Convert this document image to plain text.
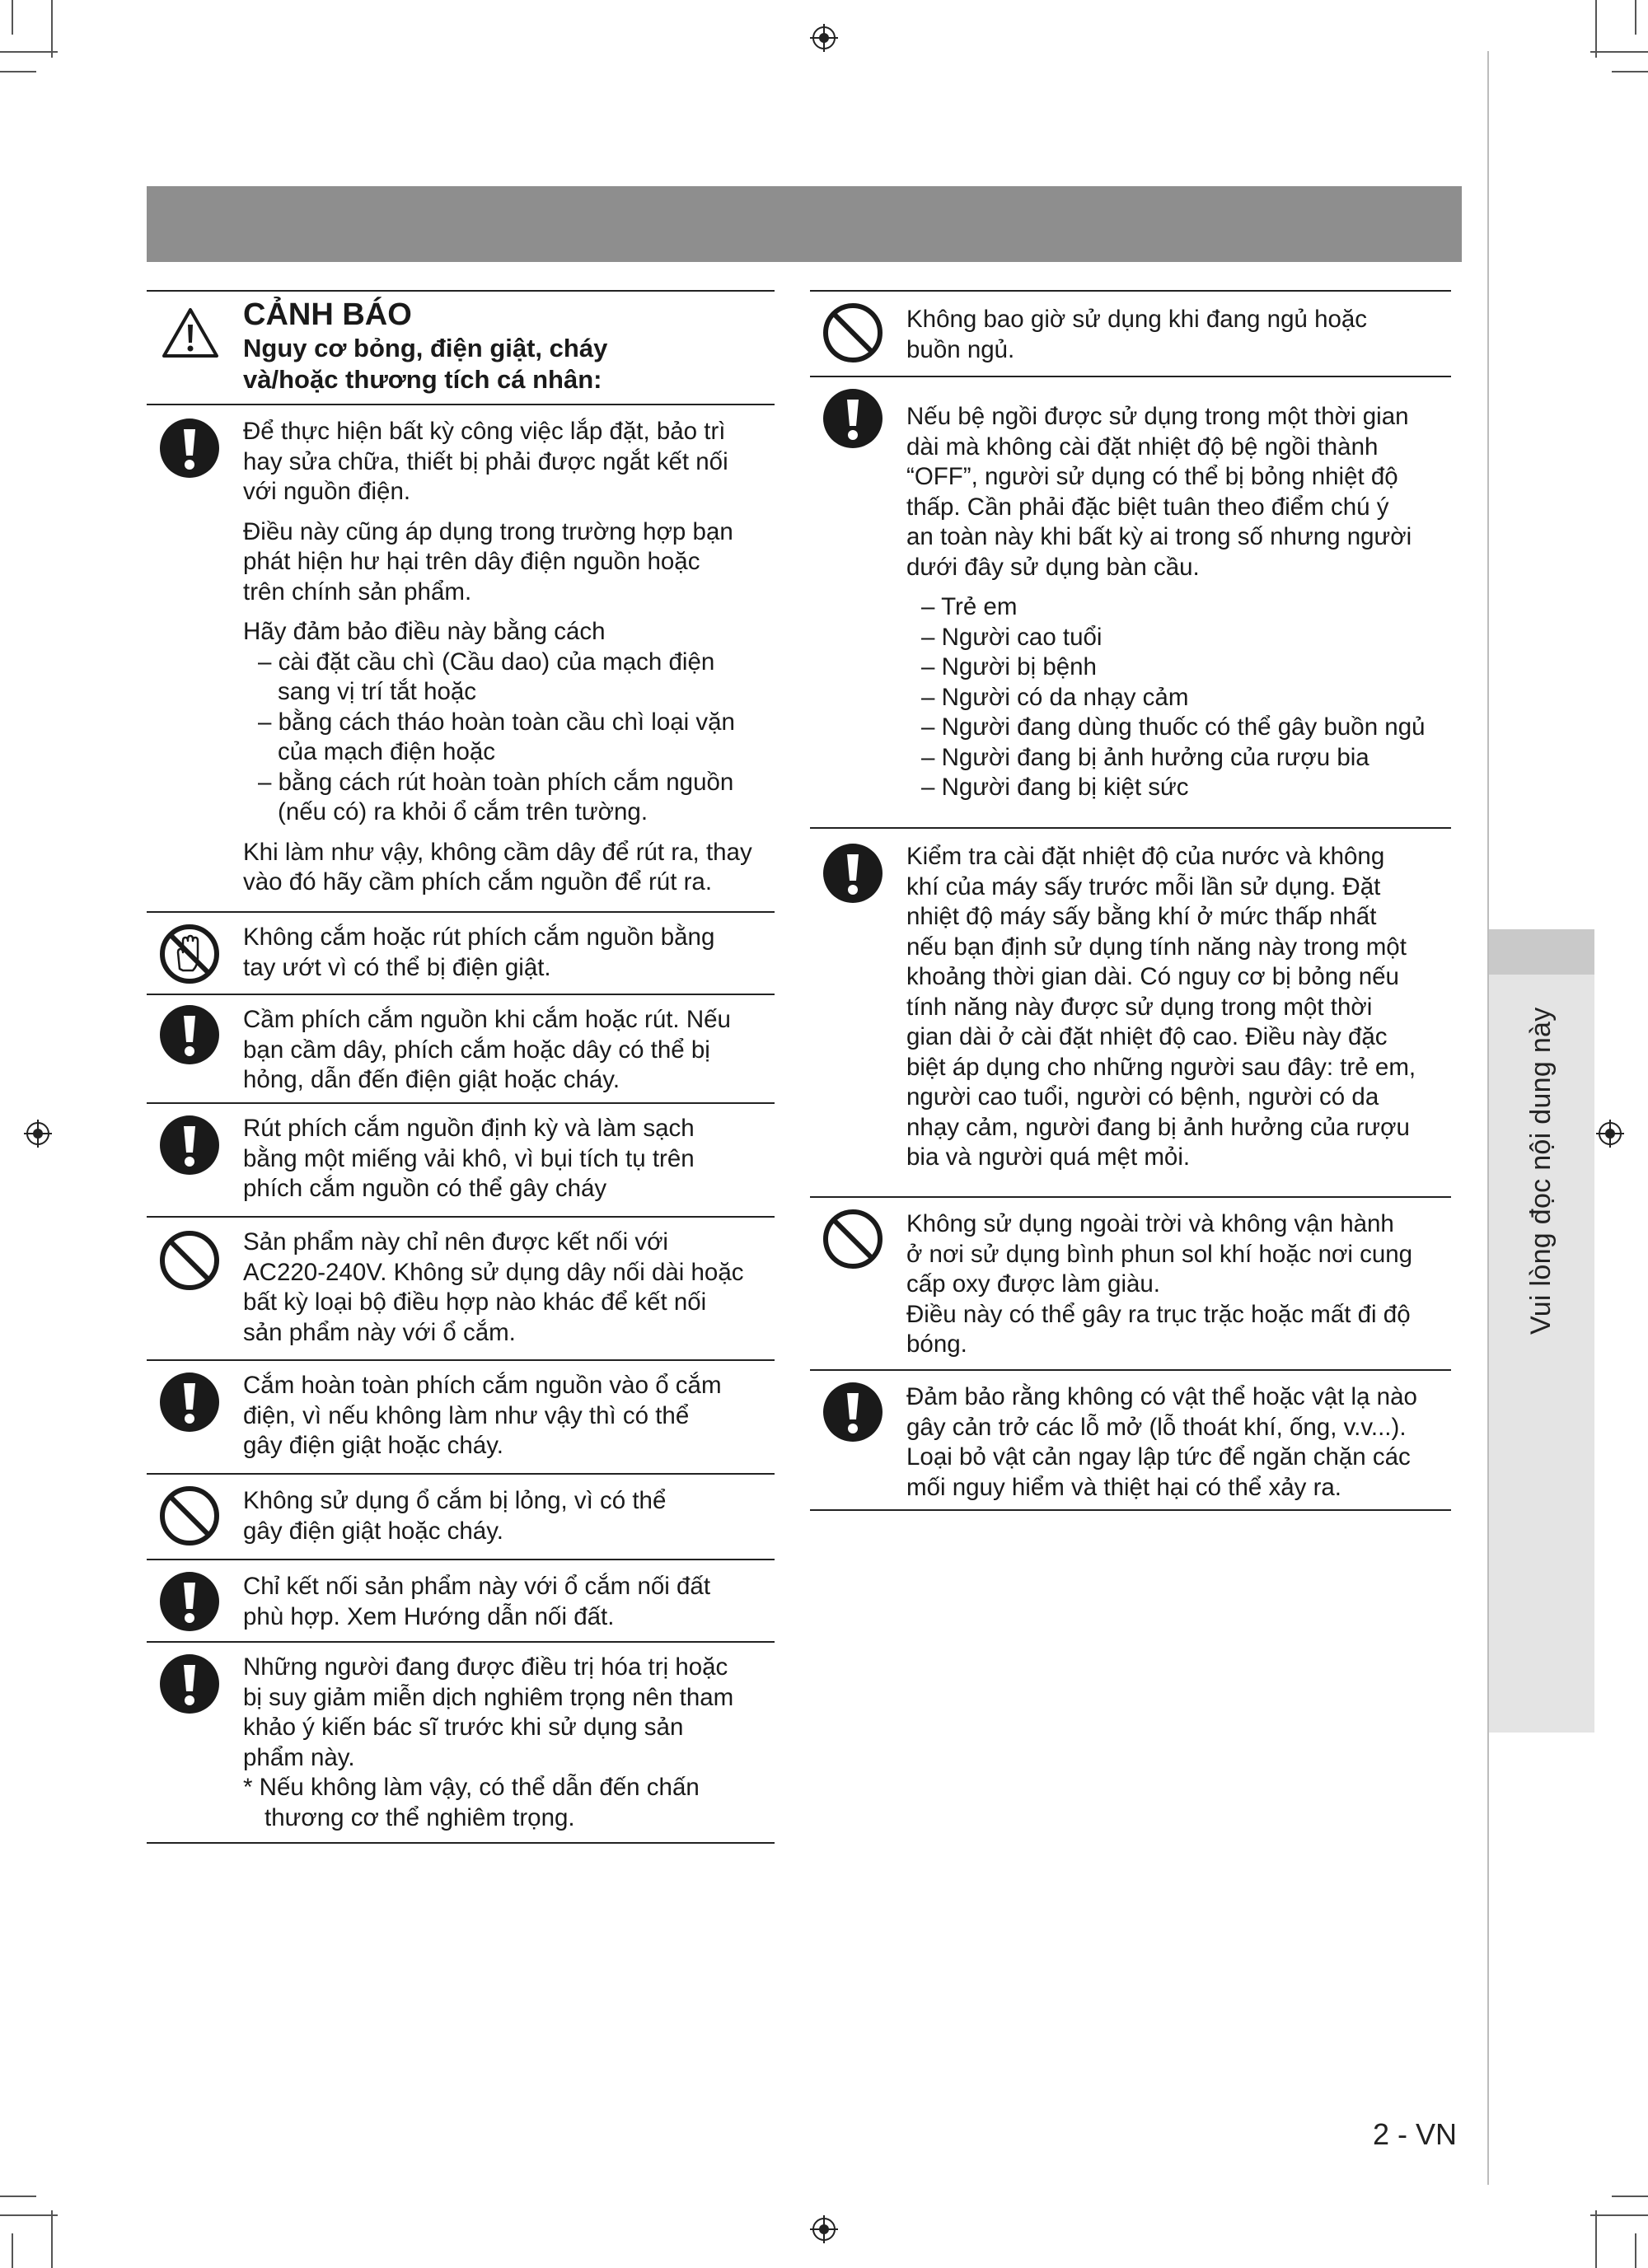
Vui lòng đọc nội dung này
CẢNH BÁO
Nguy cơ bỏng, điện giật, cháy
và/hoặc thương tích cá nhân:

Để thực hiện bất kỳ công việc lắp đặt, bảo trì
hay sửa chữa, thiết bị phải được ngắt kết nối
với nguồn điện.

Điều này cũng áp dụng trong trường hợp bạn
phát hiện hư hại trên dây điện nguồn hoặc
trên chính sản phẩm.

Hãy đảm bảo điều này bằng cách
– cài đặt cầu chì (Cầu dao) của mạch điện
sang vị trí tắt hoặc
– bằng cách tháo hoàn toàn cầu chì loại vặn
của mạch điện hoặc
– bằng cách rút hoàn toàn phích cắm nguồn
(nếu có) ra khỏi ổ cắm trên tường.

Khi làm như vậy, không cầm dây để rút ra, thay
vào đó hãy cầm phích cắm nguồn để rút ra.

Không cắm hoặc rút phích cắm nguồn bằng
tay ướt vì có thể bị điện giật.
Cầm phích cắm nguồn khi cắm hoặc rút. Nếu
bạn cầm dây, phích cắm hoặc dây có thể bị
hỏng, dẫn đến điện giật hoặc cháy.
Rút phích cắm nguồn định kỳ và làm sạch
bằng một miếng vải khô, vì bụi tích tụ trên
phích cắm nguồn có thể gây cháy
Sản phẩm này chỉ nên được kết nối với
AC220-240V. Không sử dụng dây nối dài hoặc
bất kỳ loại bộ điều hợp nào khác để kết nối
sản phẩm này với ổ cắm.
Cắm hoàn toàn phích cắm nguồn vào ổ cắm
điện, vì nếu không làm như vậy thì có thể
gây điện giật hoặc cháy.
Không sử dụng ổ cắm bị lỏng, vì có thể
gây điện giật hoặc cháy.
Chỉ kết nối sản phẩm này với ổ cắm nối đất
phù hợp. Xem Hướng dẫn nối đất.
Những người đang được điều trị hóa trị hoặc
bị suy giảm miễn dịch nghiêm trọng nên tham
khảo ý kiến bác sĩ trước khi sử dụng sản
phẩm này.
* Nếu không làm vậy, có thể dẫn đến chấn
thương cơ thể nghiêm trọng.
Không bao giờ sử dụng khi đang ngủ hoặc
buồn ngủ.
Nếu bệ ngồi được sử dụng trong một thời gian
dài mà không cài đặt nhiệt độ bệ ngồi thành
“OFF”, người sử dụng có thể bị bỏng nhiệt độ
thấp. Cần phải đặc biệt tuân theo điểm chú ý
an toàn này khi bất kỳ ai trong số nhưng người
dưới đây sử dụng bàn cầu.
– Trẻ em
– Người cao tuổi
– Người bị bệnh
– Người có da nhạy cảm
– Người đang dùng thuốc có thể gây buồn ngủ
– Người đang bị ảnh hưởng của rượu bia
– Người đang bị kiệt sức
Kiểm tra cài đặt nhiệt độ của nước và không
khí của máy sấy trước mỗi lần sử dụng. Đặt
nhiệt độ máy sấy bằng khí ở mức thấp nhất
nếu bạn định sử dụng tính năng này trong một
khoảng thời gian dài. Có nguy cơ bị bỏng nếu
tính năng này được sử dụng trong một thời
gian dài ở cài đặt nhiệt độ cao. Điều này đặc
biệt áp dụng cho những người sau đây: trẻ em,
người cao tuổi, người có bệnh, người có da
nhạy cảm, người đang bị ảnh hưởng của rượu
bia và người quá mệt mỏi.
Không sử dụng ngoài trời và không vận hành
ở nơi sử dụng bình phun sol khí hoặc nơi cung
cấp oxy được làm giàu.
Điều này có thể gây ra trục trặc hoặc mất đi độ
bóng.
Đảm bảo rằng không có vật thể hoặc vật lạ nào
gây cản trở các lỗ mở (lỗ thoát khí, ống, v.v...).
Loại bỏ vật cản ngay lập tức để ngăn chặn các
mối nguy hiểm và thiệt hại có thể xảy ra.
2 - VN
